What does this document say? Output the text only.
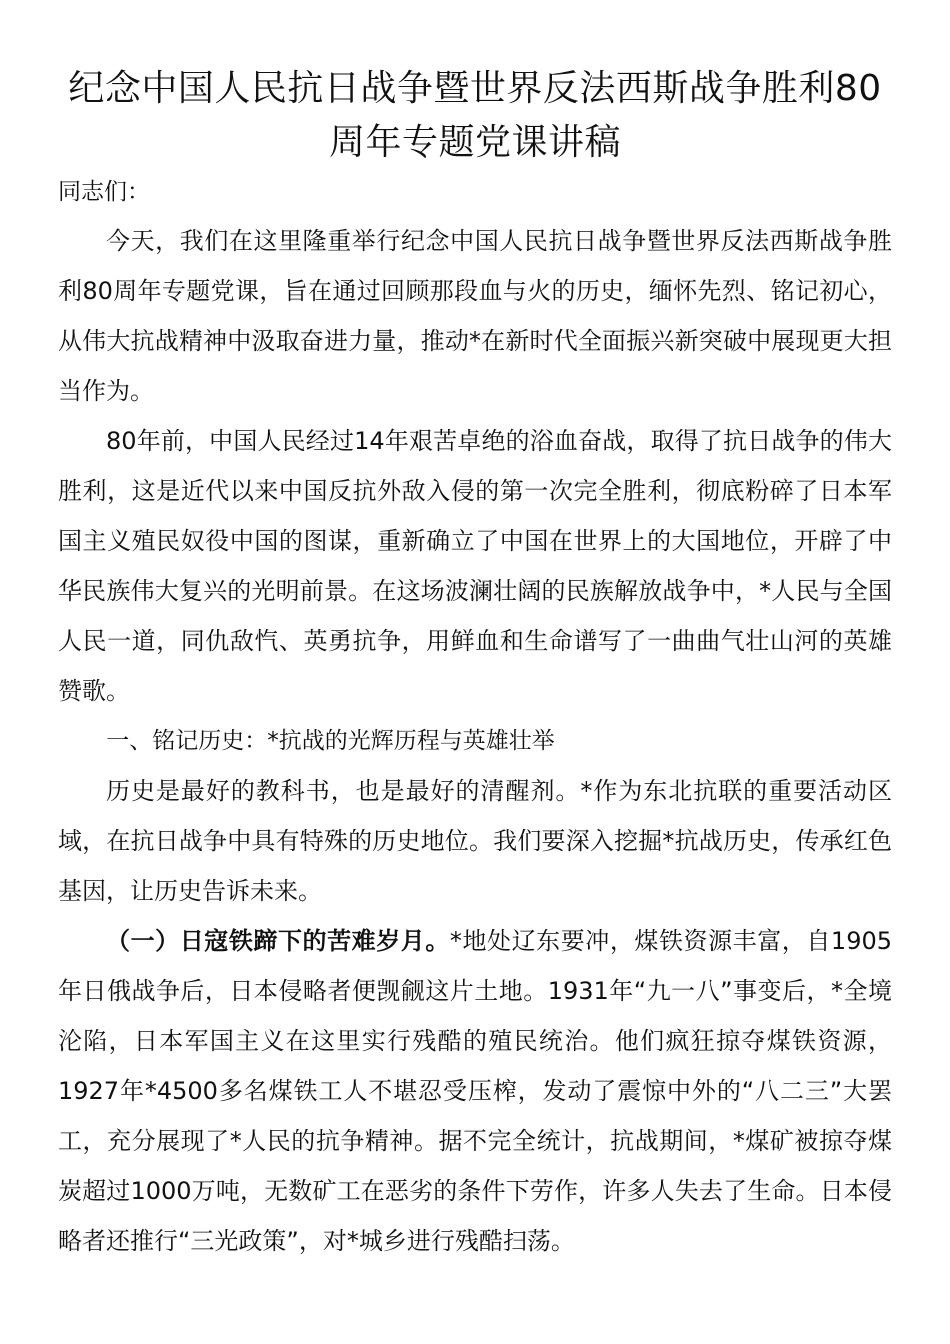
纪念中国人民抗日战争暨世界反法西斯战争胜利80周年专题党课讲稿

同志们：

今天，我们在这里隆重举行纪念中国人民抗日战争暨世界反法西斯战争胜利80周年专题党课，旨在通过回顾那段血与火的历史，缅怀先烈、铭记初心，从伟大抗战精神中汲取奋进力量，推动*在新时代全面振兴新突破中展现更大担当作为。

80年前，中国人民经过14年艰苦卓绝的浴血奋战，取得了抗日战争的伟大胜利，这是近代以来中国反抗外敌入侵的第一次完全胜利，彻底粉碎了日本军国主义殖民奴役中国的图谋，重新确立了中国在世界上的大国地位，开辟了中华民族伟大复兴的光明前景。在这场波澜壮阔的民族解放战争中，*人民与全国人民一道，同仇敌忾、英勇抗争，用鲜血和生命谱写了一曲曲气壮山河的英雄赞歌。

一、铭记历史：*抗战的光辉历程与英雄壮举

历史是最好的教科书，也是最好的清醒剂。*作为东北抗联的重要活动区域，在抗日战争中具有特殊的历史地位。我们要深入挖掘*抗战历史，传承红色基因，让历史告诉未来。

（一）日寇铁蹄下的苦难岁月。*地处辽东要冲，煤铁资源丰富，自1905年日俄战争后，日本侵略者便觊觎这片土地。1931年“九一八”事变后，*全境沦陷，日本军国主义在这里实行残酷的殖民统治。他们疯狂掠夺煤铁资源，1927年*4500多名煤铁工人不堪忍受压榨，发动了震惊中外的“八二三”大罢工，充分展现了*人民的抗争精神。据不完全统计，抗战期间，*煤矿被掠夺煤炭超过1000万吨，无数矿工在恶劣的条件下劳作，许多人失去了生命。日本侵略者还推行“三光政策”，对*城乡进行残酷扫荡。
